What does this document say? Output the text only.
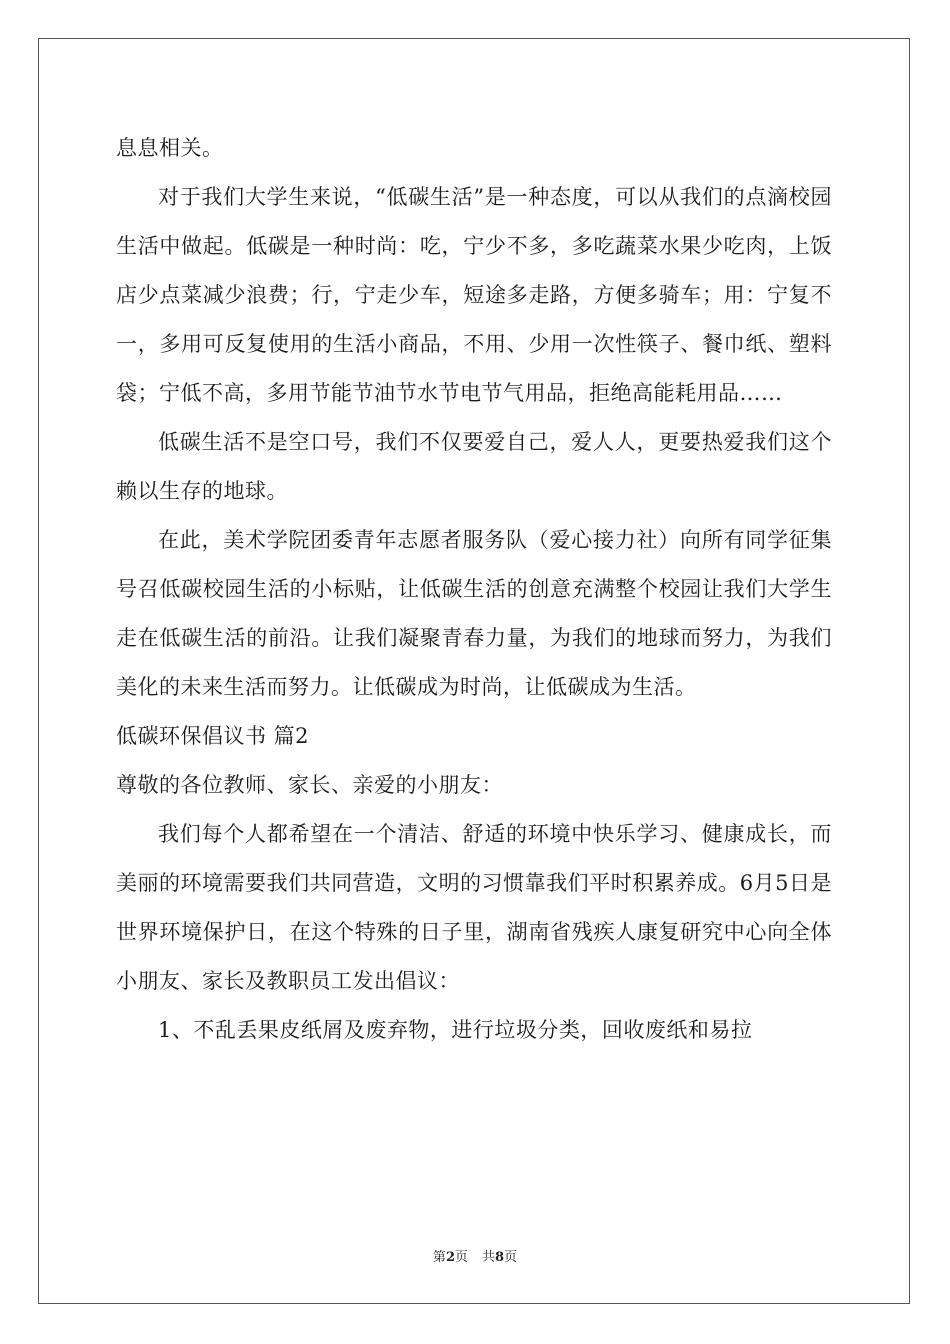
息息相关。

对于我们大学生来说，“低碳生活”是一种态度，可以从我们的点滴校园生活中做起。低碳是一种时尚：吃，宁少不多，多吃蔬菜水果少吃肉，上饭店少点菜减少浪费；行，宁走少车，短途多走路，方便多骑车；用：宁复不一，多用可反复使用的生活小商品，不用、少用一次性筷子、餐巾纸、塑料袋；宁低不高，多用节能节油节水节电节气用品，拒绝高能耗用品……

低碳生活不是空口号，我们不仅要爱自己，爱人人，更要热爱我们这个赖以生存的地球。

在此，美术学院团委青年志愿者服务队（爱心接力社）向所有同学征集号召低碳校园生活的小标贴，让低碳生活的创意充满整个校园让我们大学生走在低碳生活的前沿。让我们凝聚青春力量，为我们的地球而努力，为我们美化的未来生活而努力。让低碳成为时尚，让低碳成为生活。

低碳环保倡议书 篇2

尊敬的各位教师、家长、亲爱的小朋友：

我们每个人都希望在一个清洁、舒适的环境中快乐学习、健康成长，而美丽的环境需要我们共同营造，文明的习惯靠我们平时积累养成。6月5日是世界环境保护日，在这个特殊的日子里，湖南省残疾人康复研究中心向全体小朋友、家长及教职员工发出倡议：

1、不乱丢果皮纸屑及废弃物，进行垃圾分类，回收废纸和易拉

第2页 共8页
